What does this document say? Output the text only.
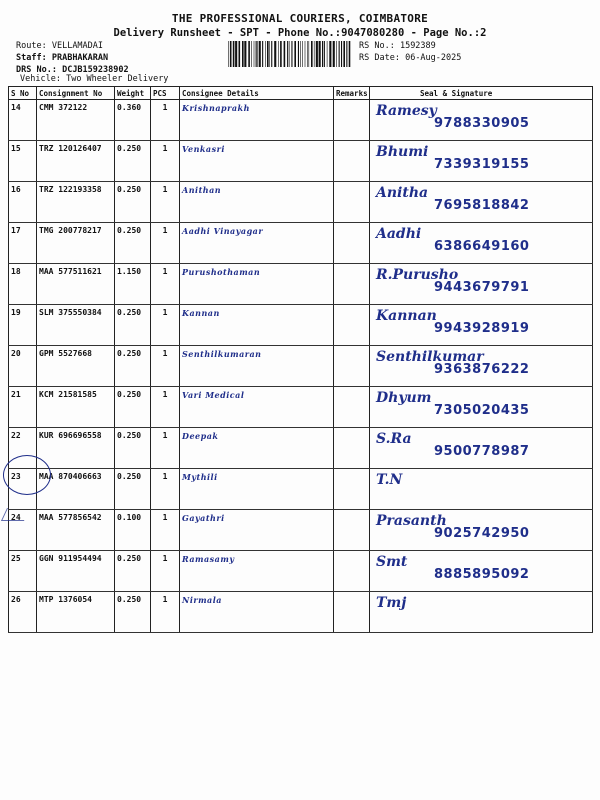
THE PROFESSIONAL COURIERS, COIMBATORE
Delivery Runsheet - SPT - Phone No.:9047080280 - Page No.:2
Route: VELLAMADAI
Staff: PRABHAKARAN
DRS No.: DCJB159238902
Vehicle: Two Wheeler Delivery
RS No.: 1592389
RS Date: 06-Aug-2025
S No	Consignment No	Weight	PCS	Consignee Details	Remarks	Seal & Signature
14	CMM 372122	0.360	1	Krishnaprakh		Ramesy
9788330905

15	TRZ 120126407	0.250	1	Venkasri		Bhumi
7339319155

16	TRZ 122193358	0.250	1	Anithan		Anitha
7695818842

17	TMG 200778217	0.250	1	Aadhi Vinayagar		Aadhi
6386649160

18	MAA 577511621	1.150	1	Purushothaman		R.Purusho
9443679791

19	SLM 375550384	0.250	1	Kannan		Kannan
9943928919

20	GPM 5527668	0.250	1	Senthilkumaran		Senthilkumar
9363876222

21	KCM 21581585	0.250	1	Vari Medical		Dhyum
7305020435

22	KUR 696696558	0.250	1	Deepak		S.Ra
9500778987

23	MAA 870406663	0.250	1	Mythili		T.N

24	MAA 577856542	0.100	1	Gayathri		Prasanth
9025742950

25	GGN 911954494	0.250	1	Ramasamy		Smt
8885895092

26	MTP 1376054	0.250	1	Nirmala		Tmj
